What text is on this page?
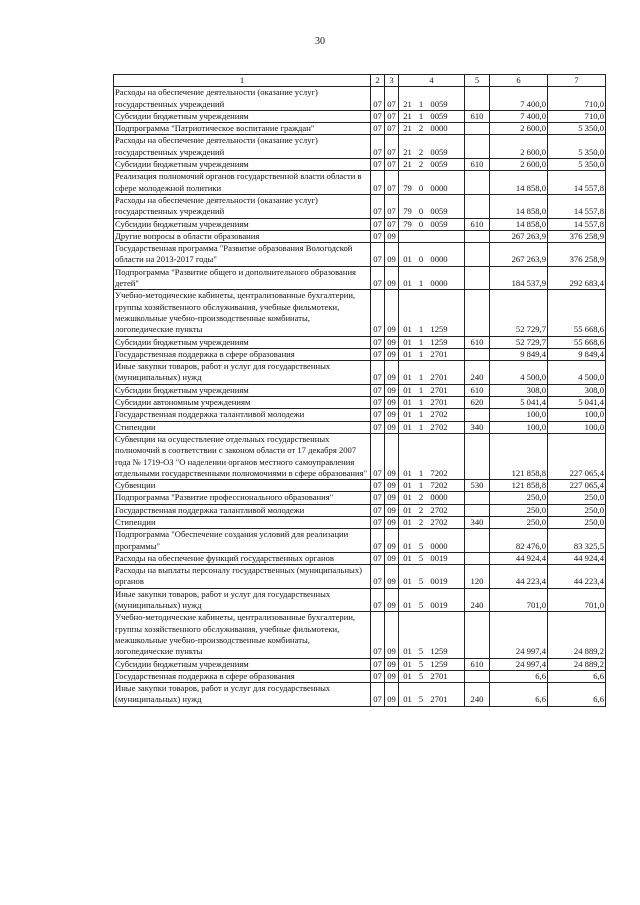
30
1	2	3	4	5	6	7
Расходы на обеспечение деятельности (оказание услуг) государственных учреждений	07	07	21 1 0059		7 400,0	710,0
Субсидии бюджетным учреждениям	07	07	21 1 0059	610	7 400,0	710,0
Подпрограмма "Патриотическое воспитание граждан"	07	07	21 2 0000		2 600,0	5 350,0
Расходы на обеспечение деятельности (оказание услуг) государственных учреждений	07	07	21 2 0059		2 600,0	5 350,0
Субсидии бюджетным учреждениям	07	07	21 2 0059	610	2 600,0	5 350,0
Реализация полномочий органов государственной власти области в сфере молодежной политики	07	07	79 0 0000		14 858,0	14 557,8
Расходы на обеспечение деятельности (оказание услуг) государственных учреждений	07	07	79 0 0059		14 858,0	14 557,8
Субсидии бюджетным учреждениям	07	07	79 0 0059	610	14 858,0	14 557,8
Другие вопросы в области образования	07	09			267 263,9	376 258,9
Государственная программа "Развитие образования Вологодской области на 2013-2017 годы"	07	09	01 0 0000		267 263,9	376 258,9
Подпрограмма "Развитие общего и дополнительного образования детей"	07	09	01 1 0000		184 537,9	292 683,4
Учебно-методические кабинеты, централизованные бухгалтерии, группы хозяйственного обслуживания, учебные фильмотеки, межшкольные учебно-производственные комбинаты, логопедические пункты	07	09	01 1 1259		52 729,7	55 668,6
Субсидии бюджетным учреждениям	07	09	01 1 1259	610	52 729,7	55 668,6
Государственная поддержка в сфере образования	07	09	01 1 2701		9 849,4	9 849,4
Иные закупки товаров, работ и услуг для государственных (муниципальных) нужд	07	09	01 1 2701	240	4 500,0	4 500,0
Субсидии бюджетным учреждениям	07	09	01 1 2701	610	308,0	308,0
Субсидии автономным учреждениям	07	09	01 1 2701	620	5 041,4	5 041,4
Государственная поддержка талантливой молодежи	07	09	01 1 2702		100,0	100,0
Стипендии	07	09	01 1 2702	340	100,0	100,0
Субвенции на осуществление отдельных государственных полномочий в соответствии с законом области от 17 декабря 2007 года № 1719-ОЗ "О наделении органов местного самоуправления отдельными государственными полномочиями в сфере образования"	07	09	01 1 7202		121 858,8	227 065,4
Субвенции	07	09	01 1 7202	530	121 858,8	227 065,4
Подпрограмма "Развитие профессионального образования"	07	09	01 2 0000		250,0	250,0
Государственная поддержка талантливой молодежи	07	09	01 2 2702		250,0	250,0
Стипендии	07	09	01 2 2702	340	250,0	250,0
Подпрограмма "Обеспечение создания условий для реализации программы"	07	09	01 5 0000		82 476,0	83 325,5
Расходы на обеспечение функций государственных органов	07	09	01 5 0019		44 924,4	44 924,4
Расходы на выплаты персоналу государственных (муниципальных) органов	07	09	01 5 0019	120	44 223,4	44 223,4
Иные закупки товаров, работ и услуг для государственных (муниципальных) нужд	07	09	01 5 0019	240	701,0	701,0
Учебно-методические кабинеты, централизованные бухгалтерии, группы хозяйственного обслуживания, учебные фильмотеки, межшкольные учебно-производственные комбинаты, логопедические пункты	07	09	01 5 1259		24 997,4	24 889,2
Субсидии бюджетным учреждениям	07	09	01 5 1259	610	24 997,4	24 889,2
Государственная поддержка в сфере образования	07	09	01 5 2701		6,6	6,6
Иные закупки товаров, работ и услуг для государственных (муниципальных) нужд	07	09	01 5 2701	240	6,6	6,6
